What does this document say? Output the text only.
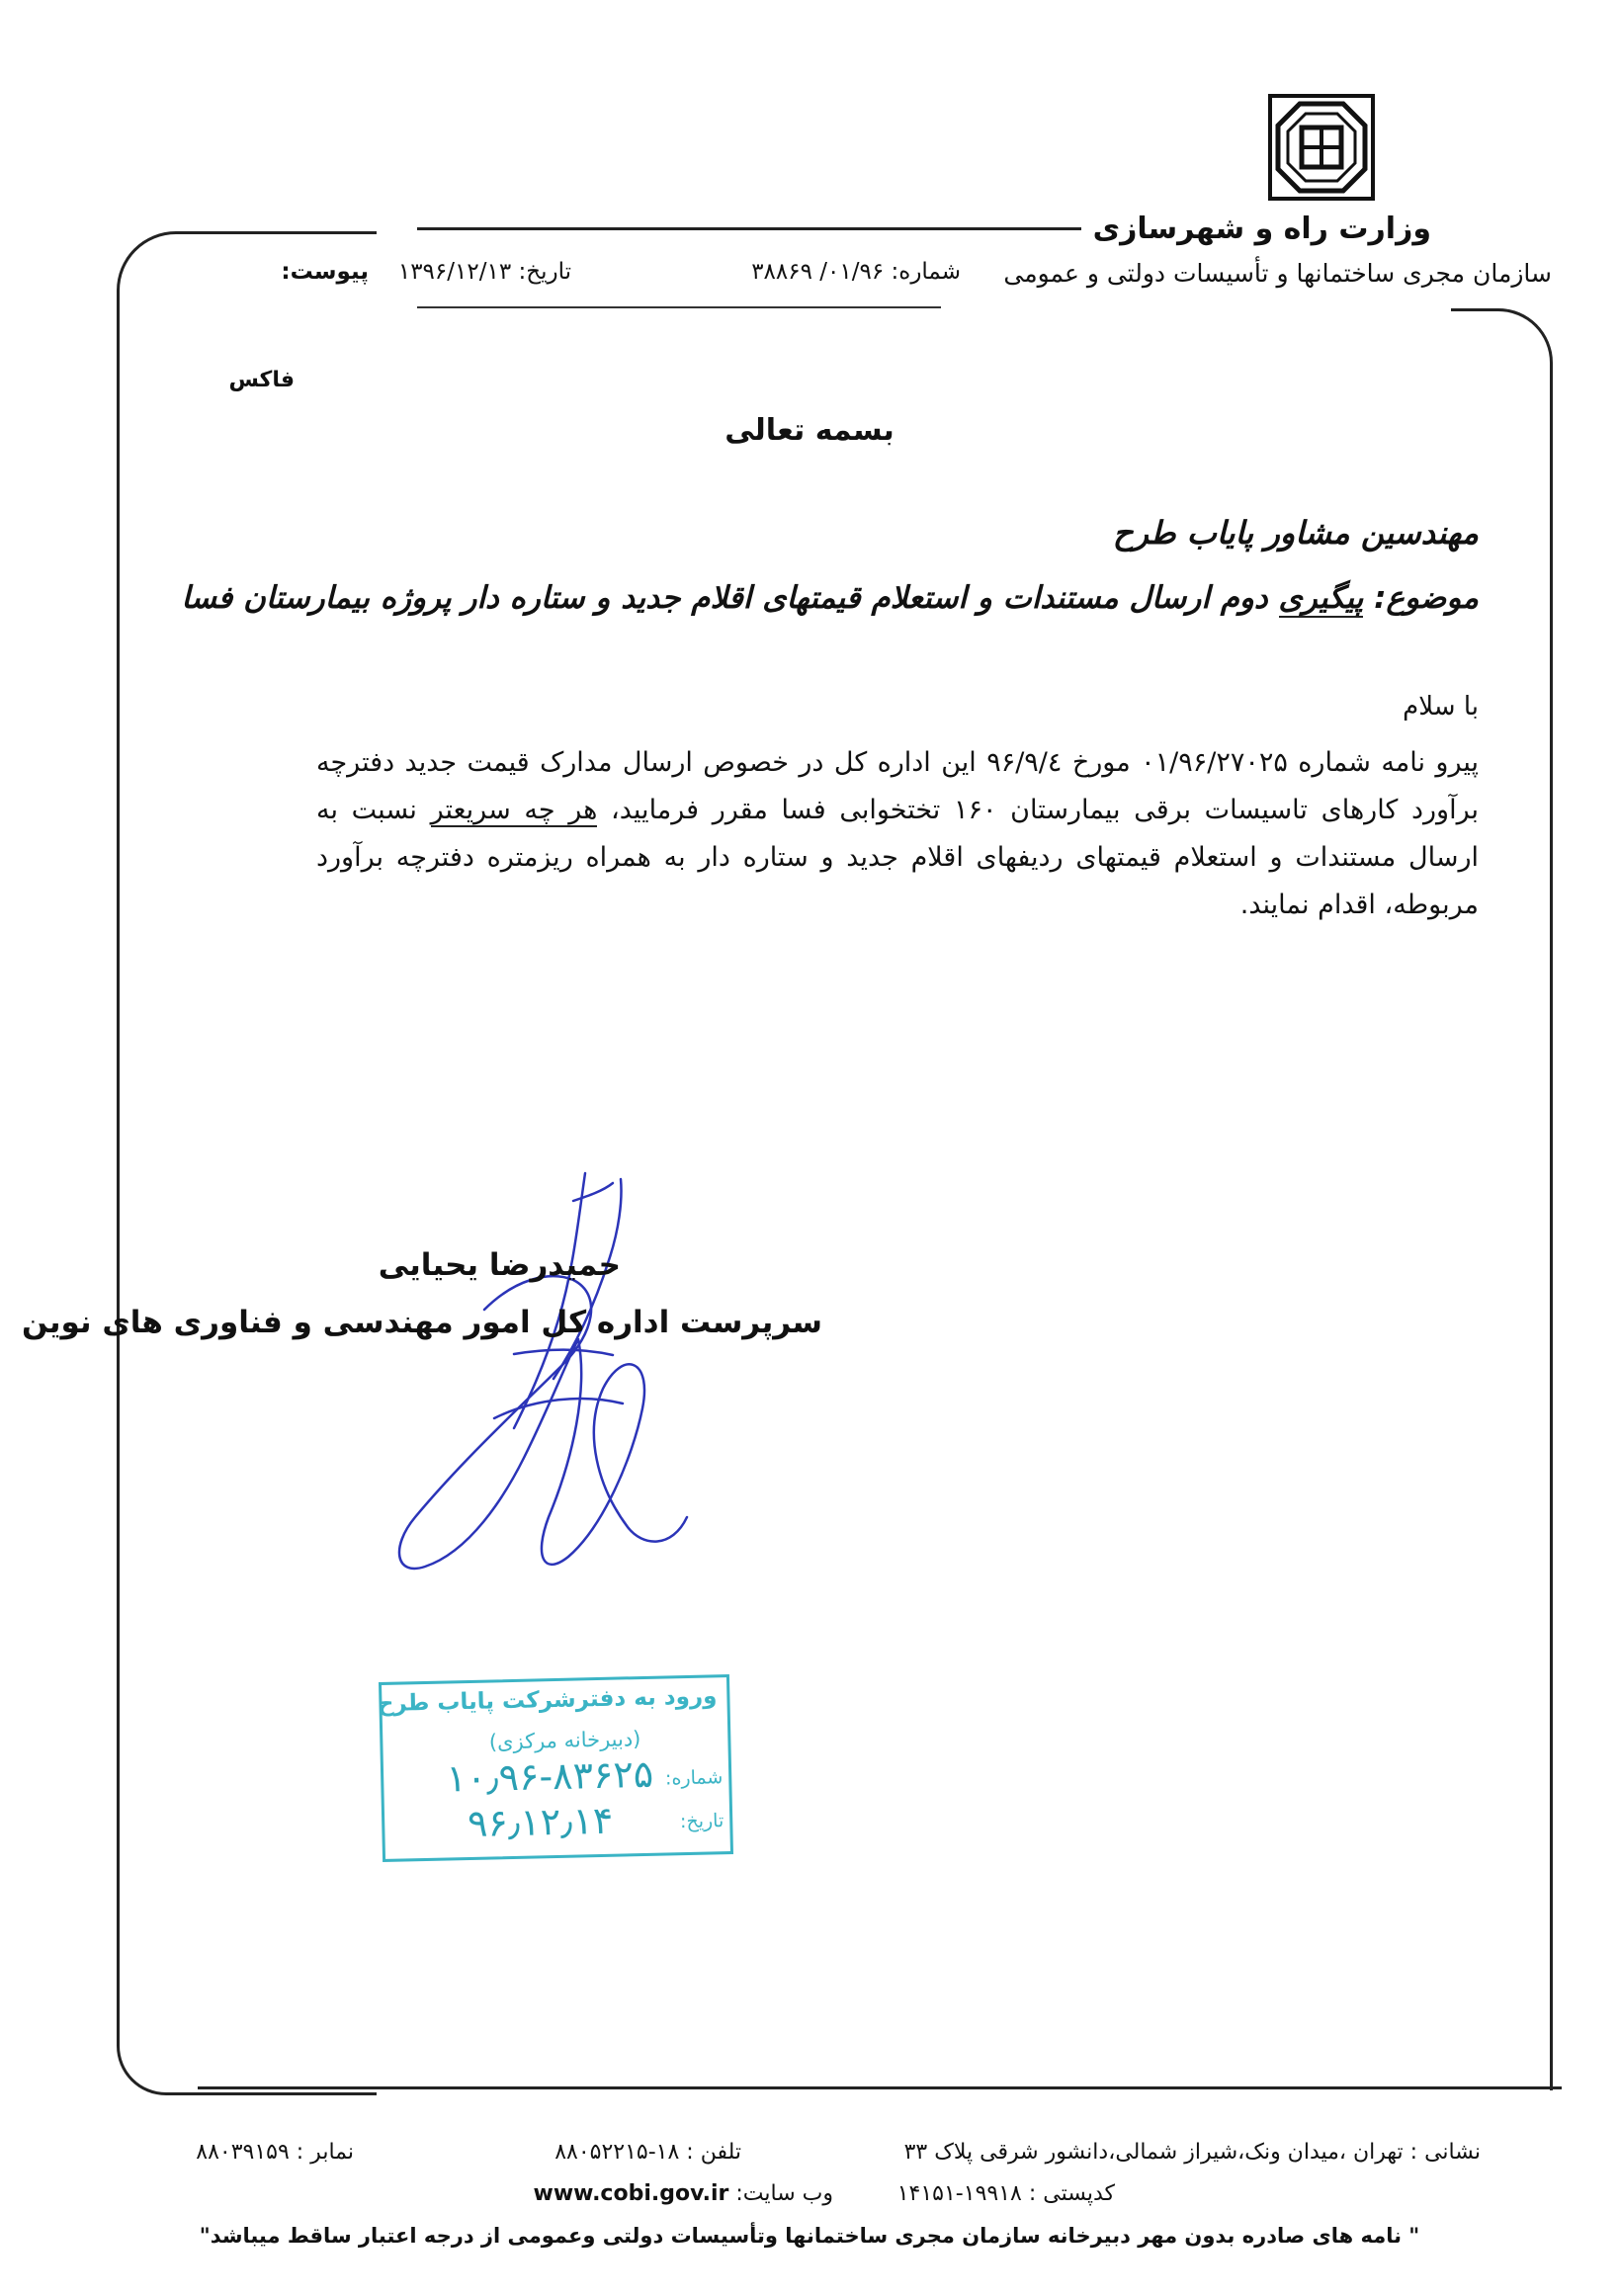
وزارت راه و شهرسازی
سازمان مجری ساختمانها و تأسیسات دولتی و عمومی
شماره: ۰۱/۹۶/ ۳۸۸۶۹
تاریخ: ۱۳۹۶/۱۲/۱۳
پیوست:
فاکس
بسمه تعالی
مهندسین مشاور پایاب طرح
موضوع: پیگیری دوم ارسال مستندات و استعلام قیمتهای اقلام جدید و ستاره دار پروژه بیمارستان فسا
با سلام
پیرو نامه شماره ۰۱/۹۶/۲۷۰۲۵ مورخ ۹۶/۹/٤ این اداره کل در خصوص ارسال مدارک قیمت جدید دفترچه برآورد کارهای تاسیسات برقی بیمارستان ۱۶۰ تختخوابی فسا مقرر فرمایید، هر چه سریعتر نسبت به ارسال مستندات و استعلام قیمتهای ردیفهای اقلام جدید و ستاره دار به همراه ریزمتره دفترچه برآورد مربوطه، اقدام نمایند.
حمیدرضا یحیایی
سرپرست اداره کل امور مهندسی و فناوری های نوین
ورود به دفترشرکت پایاب طرح
(دبیرخانه مرکزی)
شماره:
۱۰٫۹۶-۸۳۶۲۵
تاریخ:
۹۶٫۱۲٫۱۴
نشانی : تهران ،میدان ونک،شیراز شمالی،دانشور شرقی پلاک ۳۳
تلفن : ۱۸-۸۸۰۵۲۲۱۵
نمابر : ۸۸۰۳۹۱۵۹
کدپستی : ۱۹۹۱۸-۱۴۱۵۱
وب سایت: www.cobi.gov.ir
" نامه های صادره بدون مهر دبیرخانه سازمان مجری ساختمانها وتأسیسات دولتی وعمومی از درجه اعتبار ساقط میباشد"
